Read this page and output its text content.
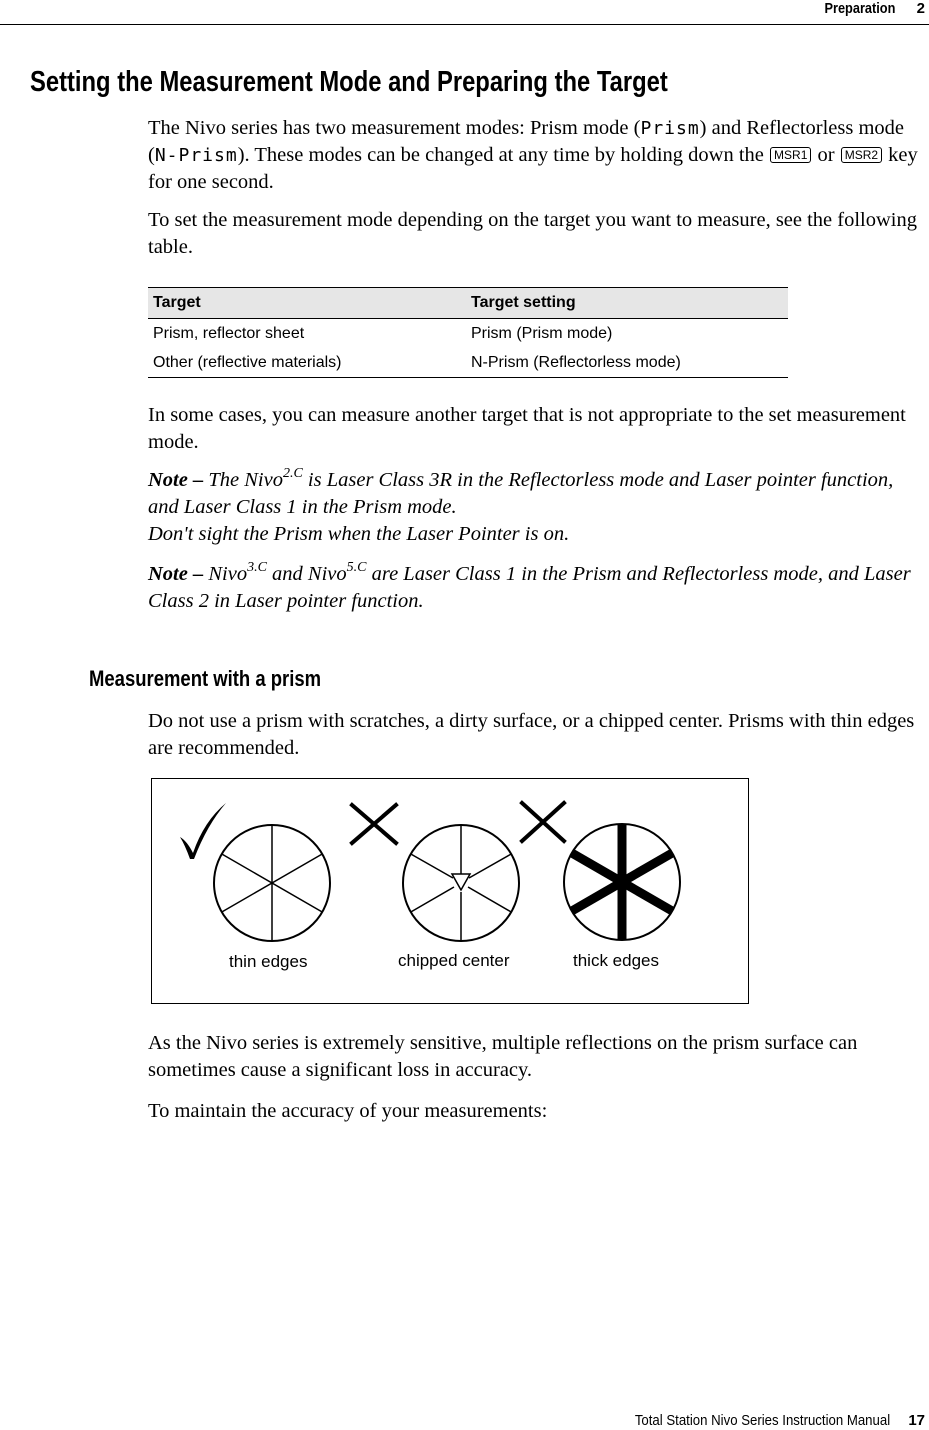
Preparation 2
Setting the Measurement Mode and Preparing the Target

The Nivo series has two measurement modes: Prism mode (Prism) and Reflectorless mode (N-Prism). These modes can be changed at any time by holding down the MSR1 or MSR2 key for one second.

To set the measurement mode depending on the target you want to measure, see the following table.

Target	Target setting
Prism, reflector sheet	Prism (Prism mode)
Other (reflective materials)	N-Prism (Reflectorless mode)

In some cases, you can measure another target that is not appropriate to the set measurement mode.

Note – The Nivo$^{2.C}$ is Laser Class 3R in the Reflectorless mode and Laser pointer function, and Laser Class 1 in the Prism mode.
Don't sight the Prism when the Laser Pointer is on.

Note – Nivo$^{3.C}$ and Nivo$^{5.C}$ are Laser Class 1 in the Prism and Reflectorless mode, and Laser Class 2 in Laser pointer function.

Measurement with a prism

Do not use a prism with scratches, a dirty surface, or a chipped center. Prisms with thin edges are recommended.

thin edges	chipped center	thick edges

As the Nivo series is extremely sensitive, multiple reflections on the prism surface can sometimes cause a significant loss in accuracy.

To maintain the accuracy of your measurements:

Total Station Nivo Series Instruction Manual 17
